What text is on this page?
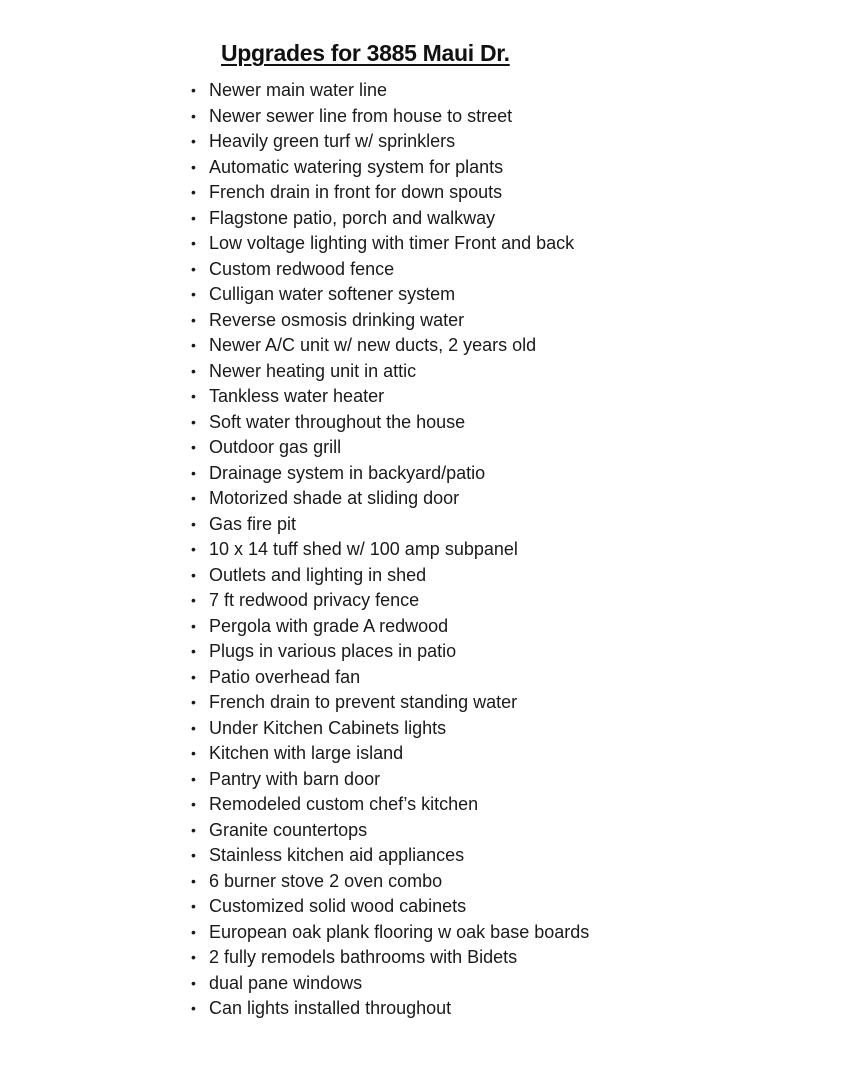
Upgrades for 3885 Maui Dr.
• Newer main water line
• Newer sewer line from house to street
• Heavily green turf w/ sprinklers
• Automatic watering system for plants
• French drain in front for down spouts
• Flagstone patio, porch and walkway
• Low voltage lighting with timer Front and back
• Custom redwood fence
• Culligan water softener system
• Reverse osmosis drinking water
• Newer A/C unit w/ new ducts, 2 years old
• Newer heating unit in attic
• Tankless water heater
• Soft water throughout the house
• Outdoor gas grill
• Drainage system in backyard/patio
• Motorized shade at sliding door
• Gas fire pit
• 10 x 14 tuff shed w/ 100 amp subpanel
• Outlets and lighting in shed
• 7 ft redwood privacy fence
• Pergola with grade A redwood
• Plugs in various places in patio
• Patio overhead fan
• French drain to prevent standing water
• Under Kitchen Cabinets lights
• Kitchen with large island
• Pantry with barn door
• Remodeled custom chef’s kitchen
• Granite countertops
• Stainless kitchen aid appliances
• 6 burner stove 2 oven combo
• Customized solid wood cabinets
• European oak plank flooring w oak base boards
• 2 fully remodels bathrooms with Bidets
• dual pane windows
• Can lights installed throughout
